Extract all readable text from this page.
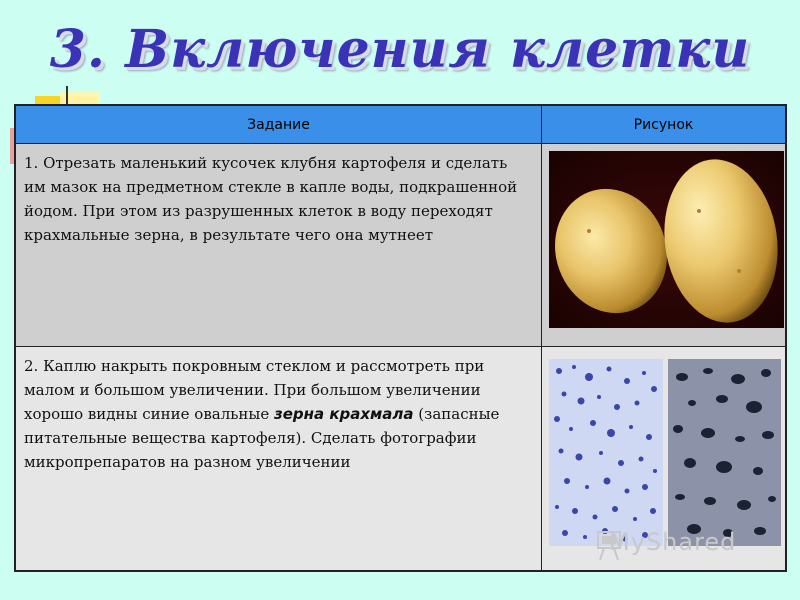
3. Включения клетки
Задание	Рисунок

1. Отрезать маленький кусочек клубня картофеля и сделать им мазок на предметном стекле в капле воды, подкрашенной йодом. При этом из разрушенных клеток в воду переходят крахмальные зерна, в результате чего она мутнеет

2. Каплю накрыть покровным стеклом и рассмотреть при малом и большом увеличении. При большом увеличении хорошо видны синие овальные зерна крахмала (запасные питательные вещества картофеля). Сделать фотографии микропрепаратов на разном увеличении	MyShared
